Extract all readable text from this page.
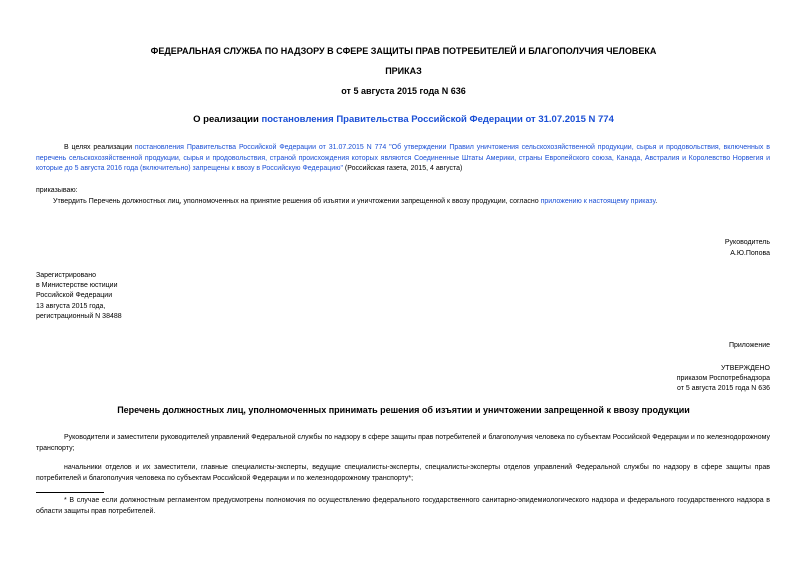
ФЕДЕРАЛЬНАЯ СЛУЖБА ПО НАДЗОРУ В СФЕРЕ ЗАЩИТЫ ПРАВ ПОТРЕБИТЕЛЕЙ И БЛАГОПОЛУЧИЯ ЧЕЛОВЕКА

ПРИКАЗ

от 5 августа 2015 года N 636

О реализации постановления Правительства Российской Федерации от 31.07.2015 N 774

В целях реализации постановления Правительства Российской Федерации от 31.07.2015 N 774 "Об утверждении Правил уничтожения сельскохозяйственной продукции, сырья и продовольствия, включенных в перечень сельскохозяйственной продукции, сырья и продовольствия, страной происхождения которых являются Соединенные Штаты Америки, страны Европейского союза, Канада, Австралия и Королевство Норвегия и которые до 5 августа 2016 года (включительно) запрещены к ввозу в Российскую Федерацию" (Российская газета, 2015, 4 августа)

приказываю:

Утвердить Перечень должностных лиц, уполномоченных на принятие решения об изъятии и уничтожении запрещенной к ввозу продукции, согласно приложению к настоящему приказу.

Руководитель

А.Ю.Попова

Зарегистрировано
в Министерстве юстиции
Российской Федерации
13 августа 2015 года,
регистрационный N 38488

Приложение

УТВЕРЖДЕНО
приказом Роспотребнадзора
от 5 августа 2015 года N 636

Перечень должностных лиц, уполномоченных принимать решения об изъятии и уничтожении запрещенной к ввозу продукции

Руководители и заместители руководителей управлений Федеральной службы по надзору в сфере защиты прав потребителей и благополучия человека по субъектам Российской Федерации и по железнодорожному транспорту;

начальники отделов и их заместители, главные специалисты-эксперты, ведущие специалисты-эксперты, специалисты-эксперты отделов управлений Федеральной службы по надзору в сфере защиты прав потребителей и благополучия человека по субъектам Российской Федерации и по железнодорожному транспорту*;

* В случае если должностным регламентом предусмотрены полномочия по осуществлению федерального государственного санитарно-эпидемиологического надзора и федерального государственного надзора в области защиты прав потребителей.
